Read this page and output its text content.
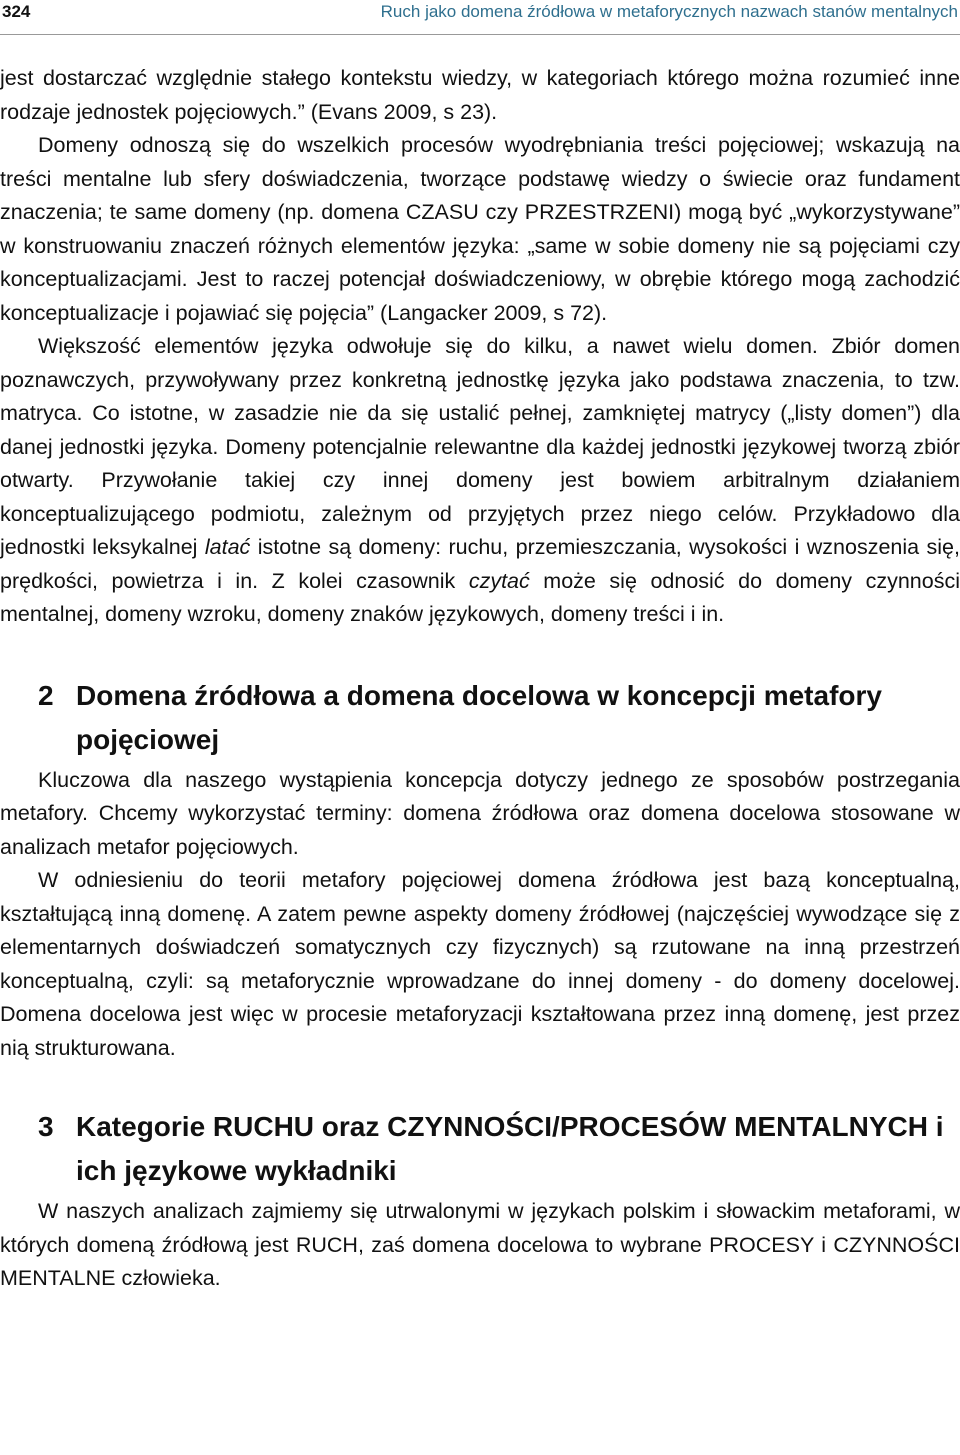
324	Ruch jako domena źródłowa w metaforycznych nazwach stanów mentalnych

jest dostarczać względnie stałego kontekstu wiedzy, w kategoriach którego można rozumieć inne rodzaje jednostek pojęciowych.” (Evans 2009, s 23).

Domeny odnoszą się do wszelkich procesów wyodrębniania treści pojęciowej; wskazują na treści mentalne lub sfery doświadczenia, tworzące podstawę wiedzy o świecie oraz fundament znaczenia; te same domeny (np. domena CZASU czy PRZESTRZENI) mogą być „wykorzystywane” w konstruowaniu znaczeń różnych elementów języka: „same w sobie domeny nie są pojęciami czy konceptualizacjami. Jest to raczej potencjał doświadczeniowy, w obrębie którego mogą zachodzić konceptualizacje i pojawiać się pojęcia” (Langacker 2009, s 72).

Większość elementów języka odwołuje się do kilku, a nawet wielu domen. Zbiór domen poznawczych, przywoływany przez konkretną jednostkę języka jako podstawa znaczenia, to tzw. matryca. Co istotne, w zasadzie nie da się ustalić pełnej, zamkniętej matrycy („listy domen”) dla danej jednostki języka. Domeny potencjalnie relewantne dla każdej jednostki językowej tworzą zbiór otwarty. Przywołanie takiej czy innej domeny jest bowiem arbitralnym działaniem konceptualizującego podmiotu, zależnym od przyjętych przez niego celów. Przykładowo dla jednostki leksykalnej latać istotne są domeny: ruchu, przemieszczania, wysokości i wznoszenia się, prędkości, powietrza i in. Z kolei czasownik czytać może się odnosić do domeny czynności mentalnej, domeny wzroku, domeny znaków językowych, domeny treści i in.

2 Domena źródłowa a domena docelowa w koncepcji metafory pojęciowej

Kluczowa dla naszego wystąpienia koncepcja dotyczy jednego ze sposobów postrzegania metafory. Chcemy wykorzystać terminy: domena źródłowa oraz domena docelowa stosowane w analizach metafor pojęciowych.

W odniesieniu do teorii metafory pojęciowej domena źródłowa jest bazą konceptualną, kształtującą inną domenę. A zatem pewne aspekty domeny źródłowej (najczęściej wywodzące się z elementarnych doświadczeń somatycznych czy fizycznych) są rzutowane na inną przestrzeń konceptualną, czyli: są metaforycznie wprowadzane do innej domeny - do domeny docelowej. Domena docelowa jest więc w procesie metaforyzacji kształtowana przez inną domenę, jest przez nią strukturowana.

3 Kategorie RUCHU oraz CZYNNOŚCI/PROCESÓW MENTALNYCH i ich językowe wykładniki

W naszych analizach zajmiemy się utrwalonymi w językach polskim i słowackim metaforami, w których domeną źródłową jest RUCH, zaś domena docelowa to wybrane PROCESY i CZYNNOŚCI MENTALNE człowieka.
